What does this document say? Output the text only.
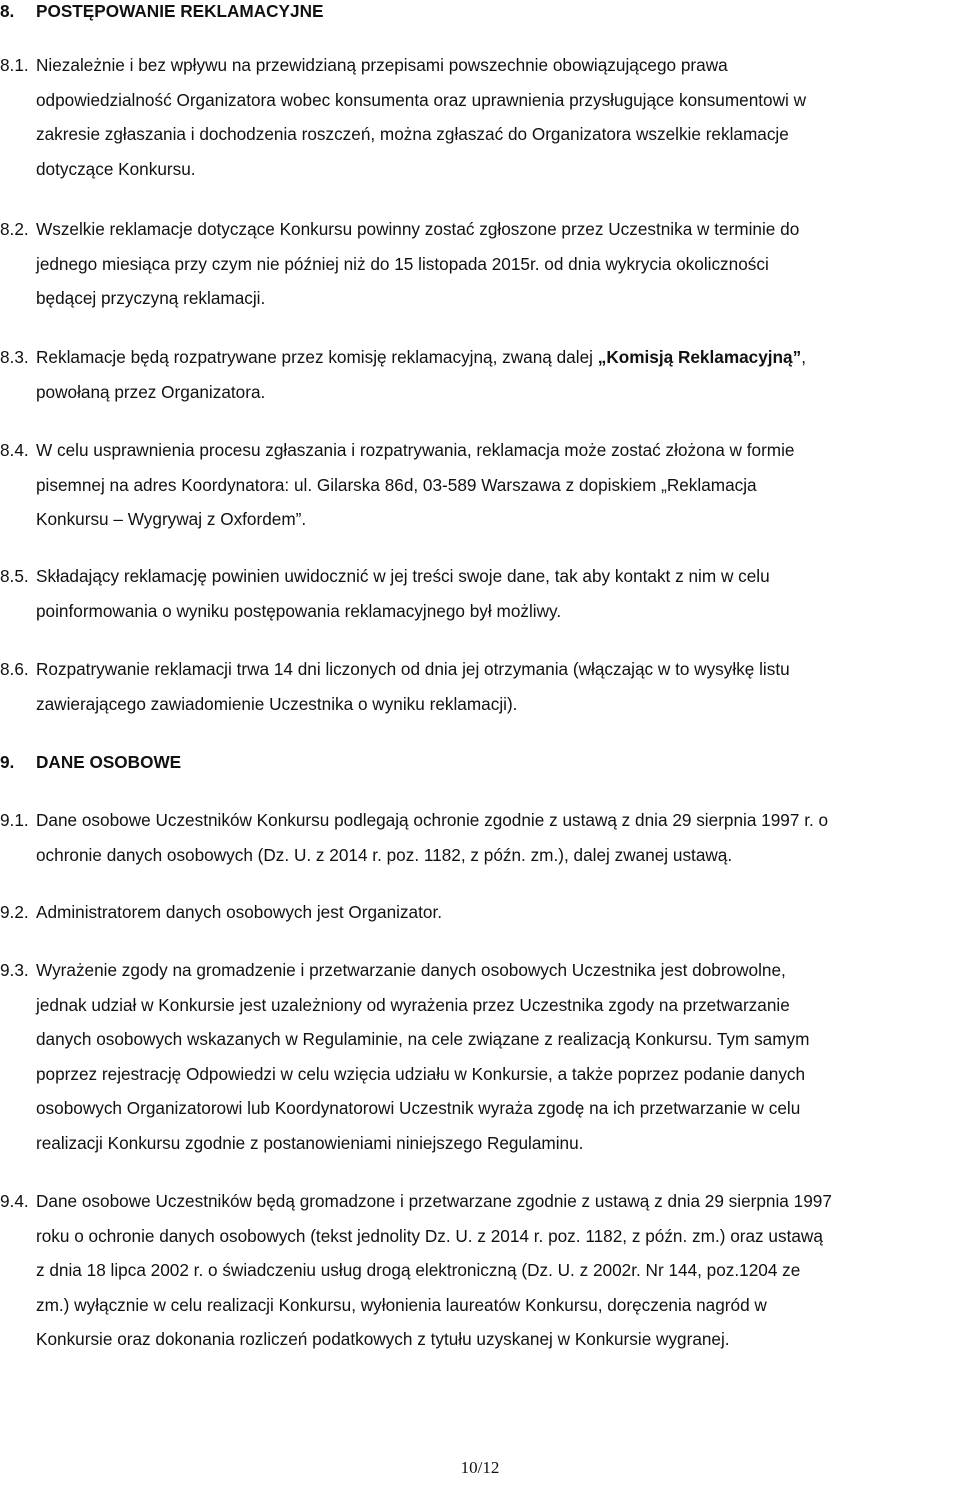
8. POSTĘPOWANIE REKLAMACYJNE
8.1. Niezależnie i bez wpływu na przewidzianą przepisami powszechnie obowiązującego prawa
odpowiedzialność Organizatora wobec konsumenta oraz uprawnienia przysługujące konsumentowi w
zakresie zgłaszania i dochodzenia roszczeń, można zgłaszać do Organizatora wszelkie reklamacje
dotyczące Konkursu.
8.2. Wszelkie reklamacje dotyczące Konkursu powinny zostać zgłoszone przez Uczestnika w terminie do
jednego miesiąca przy czym nie później niż do 15 listopada 2015r. od dnia wykrycia okoliczności
będącej przyczyną reklamacji.
8.3. Reklamacje będą rozpatrywane przez komisję reklamacyjną, zwaną dalej „Komisją Reklamacyjną”,
powołaną przez Organizatora.
8.4. W celu usprawnienia procesu zgłaszania i rozpatrywania, reklamacja może zostać złożona w formie
pisemnej na adres Koordynatora: ul. Gilarska 86d, 03-589 Warszawa z dopiskiem „Reklamacja
Konkursu – Wygrywaj z Oxfordem”.
8.5. Składający reklamację powinien uwidocznić w jej treści swoje dane, tak aby kontakt z nim w celu
poinformowania o wyniku postępowania reklamacyjnego był możliwy.
8.6. Rozpatrywanie reklamacji trwa 14 dni liczonych od dnia jej otrzymania (włączając w to wysyłkę listu
zawierającego zawiadomienie Uczestnika o wyniku reklamacji).
9. DANE OSOBOWE
9.1. Dane osobowe Uczestników Konkursu podlegają ochronie zgodnie z ustawą z dnia 29 sierpnia 1997 r. o
ochronie danych osobowych (Dz. U. z 2014 r. poz. 1182, z późn. zm.), dalej zwanej ustawą.
9.2. Administratorem danych osobowych jest Organizator.
9.3. Wyrażenie zgody na gromadzenie i przetwarzanie danych osobowych Uczestnika jest dobrowolne,
jednak udział w Konkursie jest uzależniony od wyrażenia przez Uczestnika zgody na przetwarzanie
danych osobowych wskazanych w Regulaminie, na cele związane z realizacją Konkursu. Tym samym
poprzez rejestrację Odpowiedzi w celu wzięcia udziału w Konkursie, a także poprzez podanie danych
osobowych Organizatorowi lub Koordynatorowi Uczestnik wyraża zgodę na ich przetwarzanie w celu
realizacji Konkursu zgodnie z postanowieniami niniejszego Regulaminu.
9.4. Dane osobowe Uczestników będą gromadzone i przetwarzane zgodnie z ustawą z dnia 29 sierpnia 1997
roku o ochronie danych osobowych (tekst jednolity Dz. U. z 2014 r. poz. 1182, z późn. zm.) oraz ustawą
z dnia 18 lipca 2002 r. o świadczeniu usług drogą elektroniczną (Dz. U. z 2002r. Nr 144, poz.1204 ze
zm.) wyłącznie w celu realizacji Konkursu, wyłonienia laureatów Konkursu, doręczenia nagród w
Konkursie oraz dokonania rozliczeń podatkowych z tytułu uzyskanej w Konkursie wygranej.
10/12
